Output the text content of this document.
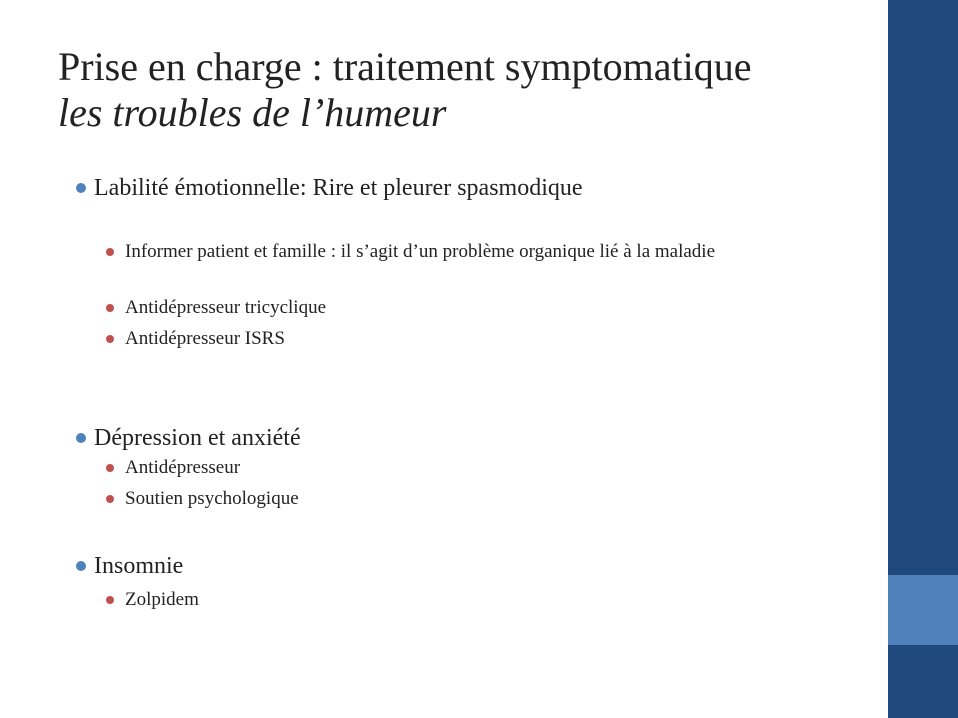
Prise en charge : traitement symptomatique
les troubles de lʼhumeur
Labilité émotionnelle: Rire et pleurer spasmodique
Informer patient et famille : il s’agit d’un problème organique lié à la maladie
Antidépresseur tricyclique
Antidépresseur ISRS
Dépression et anxiété
Antidépresseur
Soutien psychologique
Insomnie
Zolpidem
